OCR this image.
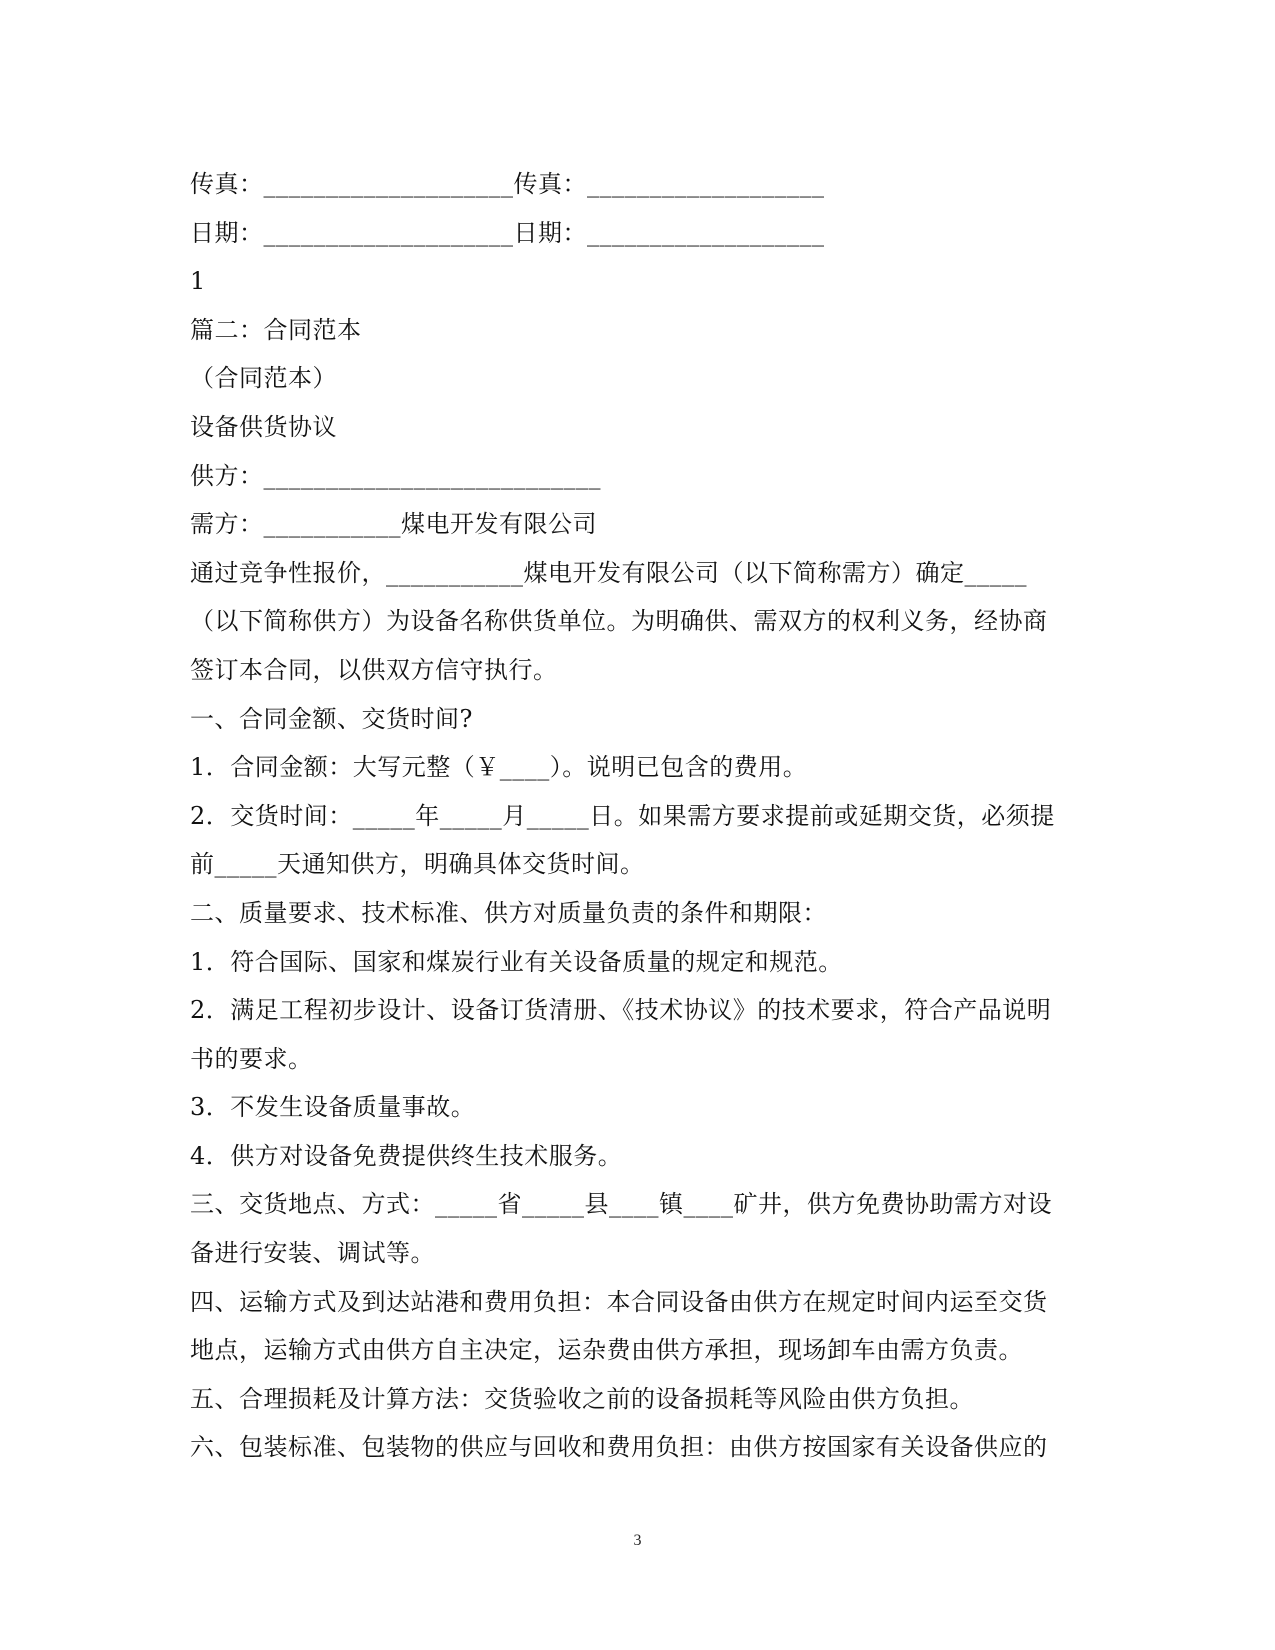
传真：____________________传真：___________________

日期：____________________日期：___________________

1

篇二：合同范本

（合同范本）

设备供货协议

供方：___________________________

需方：___________煤电开发有限公司

通过竞争性报价，___________煤电开发有限公司（以下简称需方）确定_____

（以下简称供方）为设备名称供货单位。为明确供、需双方的权利义务，经协商

签订本合同，以供双方信守执行。

一、合同金额、交货时间?

1．合同金额：大写元整（￥____）。说明已包含的费用。

2．交货时间：_____年_____月_____日。如果需方要求提前或延期交货，必须提

前_____天通知供方，明确具体交货时间。

二、质量要求、技术标准、供方对质量负责的条件和期限：

1．符合国际、国家和煤炭行业有关设备质量的规定和规范。

2．满足工程初步设计、设备订货清册、《技术协议》的技术要求，符合产品说明

书的要求。

3．不发生设备质量事故。

4．供方对设备免费提供终生技术服务。

三、交货地点、方式：_____省_____县____镇____矿井，供方免费协助需方对设

备进行安装、调试等。

四、运输方式及到达站港和费用负担：本合同设备由供方在规定时间内运至交货

地点，运输方式由供方自主决定，运杂费由供方承担，现场卸车由需方负责。

五、合理损耗及计算方法：交货验收之前的设备损耗等风险由供方负担。

六、包装标准、包装物的供应与回收和费用负担：由供方按国家有关设备供应的

3
